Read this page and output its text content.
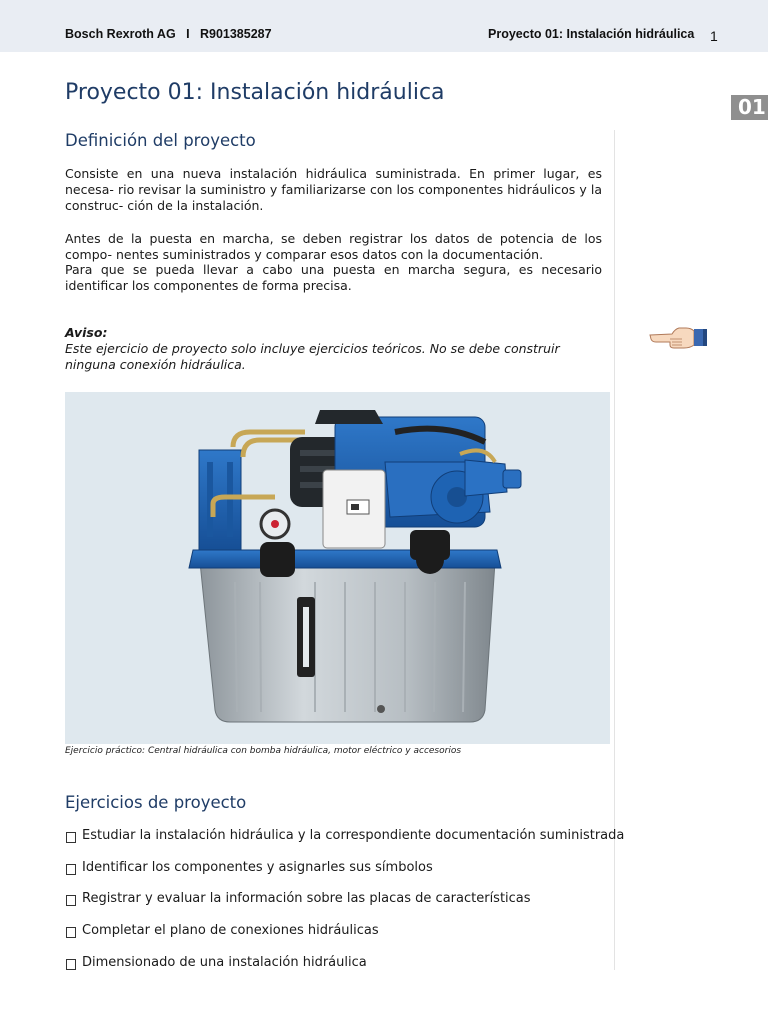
Bosch Rexroth AG   I   R901385287	Proyecto 01: Instalación hidráulica 1
01
Proyecto 01: Instalación hidráulica
Definición del proyecto

Consiste en una nueva instalación hidráulica suministrada. En primer lugar, es necesa- rio revisar la suministro y familiarizarse con los componentes hidráulicos y la construc- ción de la instalación.

Antes de la puesta en marcha, se deben registrar los datos de potencia de los compo- nentes suministrados y comparar esos datos con la documentación.

Para que se pueda llevar a cabo una puesta en marcha segura, es necesario identificar los componentes de forma precisa.

Aviso:

Este ejercicio de proyecto solo incluye ejercicios teóricos. No se debe construir ninguna conexión hidráulica.

Ejercicio práctico: Central hidráulica con bomba hidráulica, motor eléctrico y accesorios
Ejercicios de proyecto
Estudiar la instalación hidráulica y la correspondiente documentación suministrada
Identificar los componentes y asignarles sus símbolos
Registrar y evaluar la información sobre las placas de características
Completar el plano de conexiones hidráulicas
Dimensionado de una instalación hidráulica
